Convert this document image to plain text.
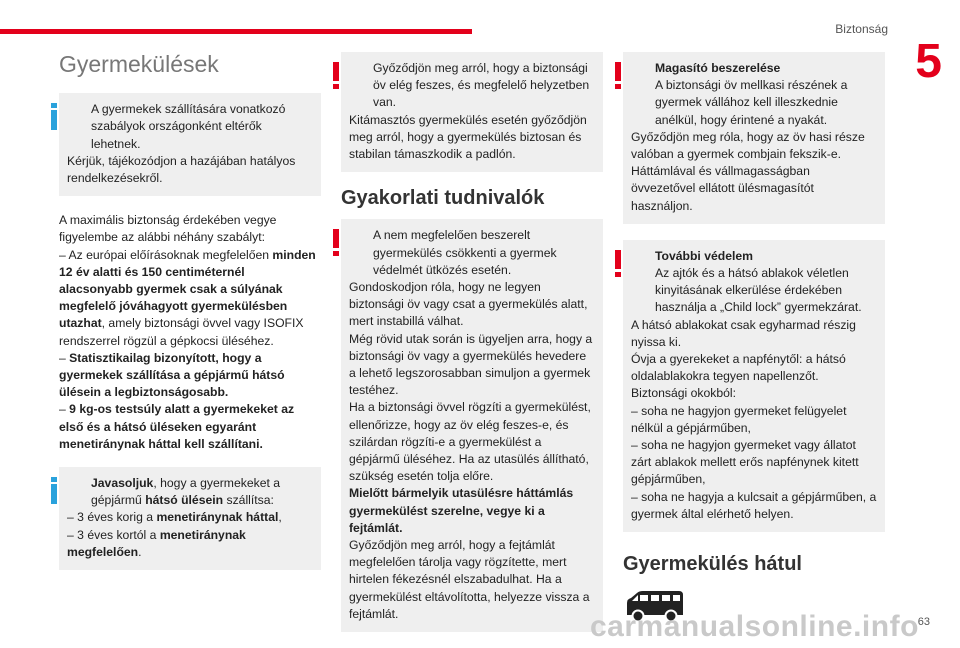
Biztonság
5
Gyermekülések

A gyermekek szállítására vonatkozó szabályok országonként eltérők lehetnek.

Kérjük, tájékozódjon a hazájában hatályos rendelkezésekről.

A maximális biztonság érdekében vegye figyelembe az alábbi néhány szabályt:

– Az európai előírásoknak megfelelően minden 12 év alatti és 150 centiméternél alacsonyabb gyermek csak a súlyának megfelelő jóváhagyott gyermekülésben utazhat, amely biztonsági övvel vagy ISOFIX rendszerrel rögzül a gépkocsi üléséhez.

– Statisztikailag bizonyított, hogy a gyermekek szállítása a gépjármű hátsó ülésein a legbiztonságosabb.

– 9 kg-os testsúly alatt a gyermekeket az első és a hátsó üléseken egyaránt menetiránynak háttal kell szállítani.

Javasoljuk, hogy a gyermekeket a gépjármű hátsó ülésein szállítsa:

– 3 éves korig a menetiránynak háttal,

– 3 éves kortól a menetiránynak megfelelően.

Győződjön meg arról, hogy a biztonsági öv elég feszes, és megfelelő helyzetben van.

Kitámasztós gyermekülés esetén győződjön meg arról, hogy a gyermekülés biztosan és stabilan támaszkodik a padlón.

Gyakorlati tudnivalók

A nem megfelelően beszerelt gyermekülés csökkenti a gyermek védelmét ütközés esetén.

Gondoskodjon róla, hogy ne legyen biztonsági öv vagy csat a gyermekülés alatt, mert instabillá válhat.

Még rövid utak során is ügyeljen arra, hogy a biztonsági öv vagy a gyermekülés hevedere a lehető legszorosabban simuljon a gyermek testéhez.

Ha a biztonsági övvel rögzíti a gyermekülést, ellenőrizze, hogy az öv elég feszes-e, és szilárdan rögzíti-e a gyermekülést a gépjármű üléséhez. Ha az utasülés állítható, szükség esetén tolja előre.

Mielőtt bármelyik utasülésre háttámlás gyermekülést szerelne, vegye ki a fejtámlát.

Győződjön meg arról, hogy a fejtámlát megfelelően tárolja vagy rögzítette, mert hirtelen fékezésnél elszabadulhat. Ha a gyermekülést eltávolította, helyezze vissza a fejtámlát.

Magasító beszerelése

A biztonsági öv mellkasi részének a gyermek vállához kell illeszkednie anélkül, hogy érintené a nyakát.

Győződjön meg róla, hogy az öv hasi része valóban a gyermek combjain fekszik-e.

Háttámlával és vállmagasságban övvezetővel ellátott ülésmagasítót használjon.

További védelem

Az ajtók és a hátsó ablakok véletlen kinyitásának elkerülése érdekében használja a „Child lock” gyermekzárat.

A hátsó ablakokat csak egyharmad részig nyissa ki.

Óvja a gyerekeket a napfénytől: a hátsó oldalablakokra tegyen napellenzőt.

Biztonsági okokból:

– soha ne hagyjon gyermeket felügyelet nélkül a gépjárműben,

– soha ne hagyjon gyermeket vagy állatot zárt ablakok mellett erős napfénynek kitett gépjárműben,

– soha ne hagyja a kulcsait a gépjárműben, a gyermek által elérhető helyen.

Gyermekülés hátul
carmanualsonline.info
63
